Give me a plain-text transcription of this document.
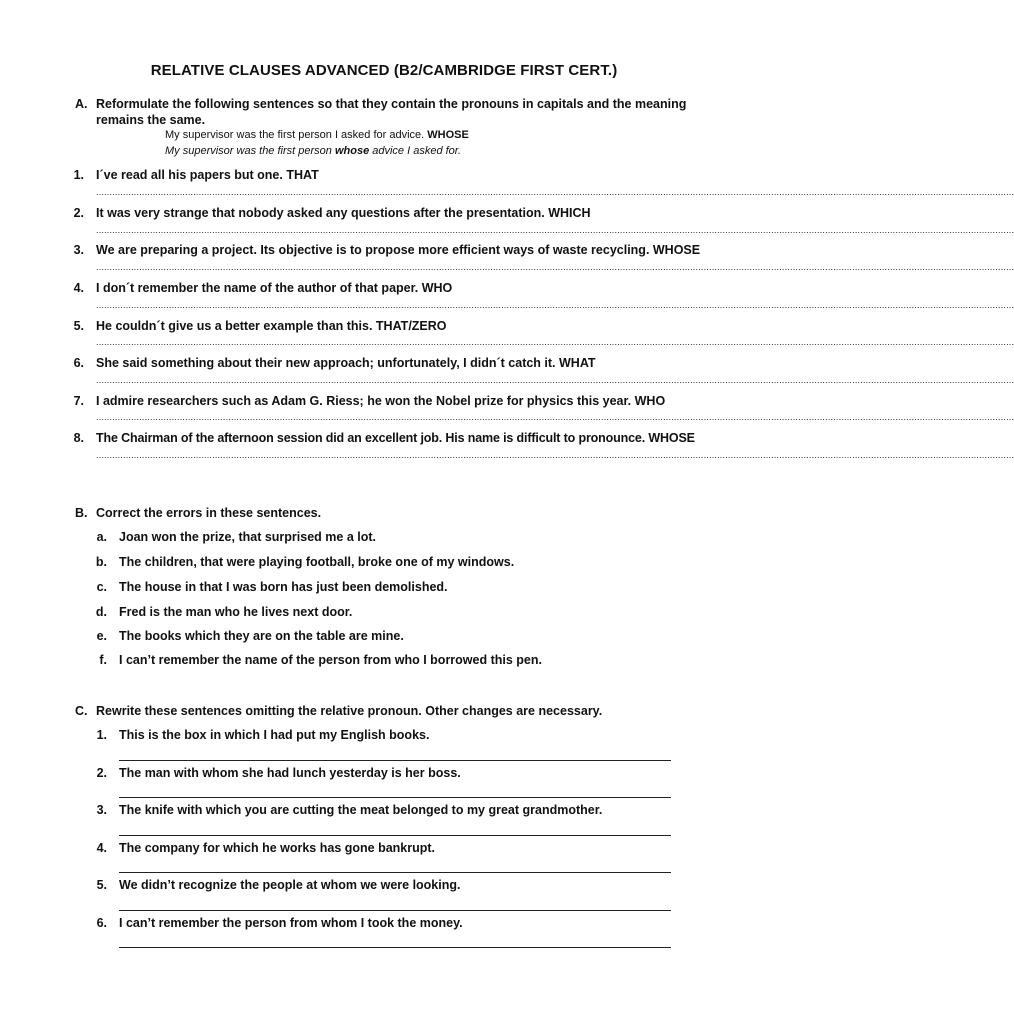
RELATIVE CLAUSES ADVANCED (B2/CAMBRIDGE FIRST CERT.)
A. Reformulate the following sentences so that they contain the pronouns in capitals and the meaning
remains the same.
My supervisor was the first person I asked for advice. WHOSE
My supervisor was the first person whose advice I asked for.
1. I´ve read all his papers but one. THAT
....................................................................................................................................................................................................................................................................................................................................................
2. It was very strange that nobody asked any questions after the presentation. WHICH
....................................................................................................................................................................................................................................................................................................................................................
3. We are preparing a project. Its objective is to propose more efficient ways of waste recycling. WHOSE
....................................................................................................................................................................................................................................................................................................................................................
4. I don´t remember the name of the author of that paper. WHO
....................................................................................................................................................................................................................................................................................................................................................
5. He couldn´t give us a better example than this. THAT/ZERO
....................................................................................................................................................................................................................................................................................................................................................
6. She said something about their new approach; unfortunately, I didn´t catch it. WHAT
....................................................................................................................................................................................................................................................................................................................................................
7. I admire researchers such as Adam G. Riess; he won the Nobel prize for physics this year. WHO
....................................................................................................................................................................................................................................................................................................................................................
8. The Chairman of the afternoon session did an excellent job. His name is difficult to pronounce. WHOSE
....................................................................................................................................................................................................................................................................................................................................................
B. Correct the errors in these sentences.
a. Joan won the prize, that surprised me a lot.
b. The children, that were playing football, broke one of my windows.
c. The house in that I was born has just been demolished.
d. Fred is the man who he lives next door.
e. The books which they are on the table are mine.
f. I can’t remember the name of the person from who I borrowed this pen.
C. Rewrite these sentences omitting the relative pronoun. Other changes are necessary.
1. This is the box in which I had put my English books.
2. The man with whom she had lunch yesterday is her boss.
3. The knife with which you are cutting the meat belonged to my great grandmother.
4. The company for which he works has gone bankrupt.
5. We didn’t recognize the people at whom we were looking.
6. I can’t remember the person from whom I took the money.
